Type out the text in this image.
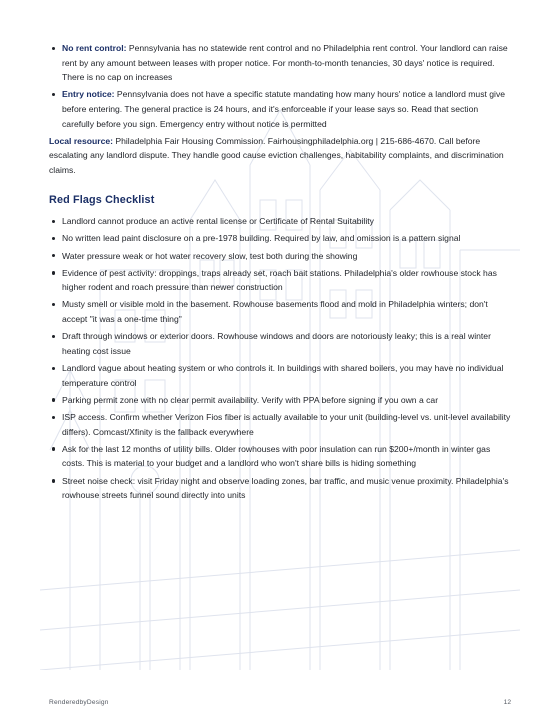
No rent control: Pennsylvania has no statewide rent control and no Philadelphia rent control. Your landlord can raise rent by any amount between leases with proper notice. For month-to-month tenancies, 30 days' notice is required. There is no cap on increases
Entry notice: Pennsylvania does not have a specific statute mandating how many hours' notice a landlord must give before entering. The general practice is 24 hours, and it's enforceable if your lease says so. Read that section carefully before you sign. Emergency entry without notice is permitted

Local resource: Philadelphia Fair Housing Commission. Fairhousingphiladelphia.org | 215-686-4670. Call before escalating any landlord dispute. They handle good cause eviction challenges, habitability complaints, and discrimination claims.

Red Flags Checklist
Landlord cannot produce an active rental license or Certificate of Rental Suitability
No written lead paint disclosure on a pre-1978 building. Required by law, and omission is a pattern signal
Water pressure weak or hot water recovery slow, test both during the showing
Evidence of pest activity: droppings, traps already set, roach bait stations. Philadelphia's older rowhouse stock has higher rodent and roach pressure than newer construction
Musty smell or visible mold in the basement. Rowhouse basements flood and mold in Philadelphia winters; don't accept "it was a one-time thing"
Draft through windows or exterior doors. Rowhouse windows and doors are notoriously leaky; this is a real winter heating cost issue
Landlord vague about heating system or who controls it. In buildings with shared boilers, you may have no individual temperature control
Parking permit zone with no clear permit availability. Verify with PPA before signing if you own a car
ISP access. Confirm whether Verizon Fios fiber is actually available to your unit (building-level vs. unit-level availability differs). Comcast/Xfinity is the fallback everywhere
Ask for the last 12 months of utility bills. Older rowhouses with poor insulation can run $200+/month in winter gas costs. This is material to your budget and a landlord who won't share bills is hiding something
Street noise check: visit Friday night and observe loading zones, bar traffic, and music venue proximity. Philadelphia's rowhouse streets funnel sound directly into units
RenderedbyDesign	12
